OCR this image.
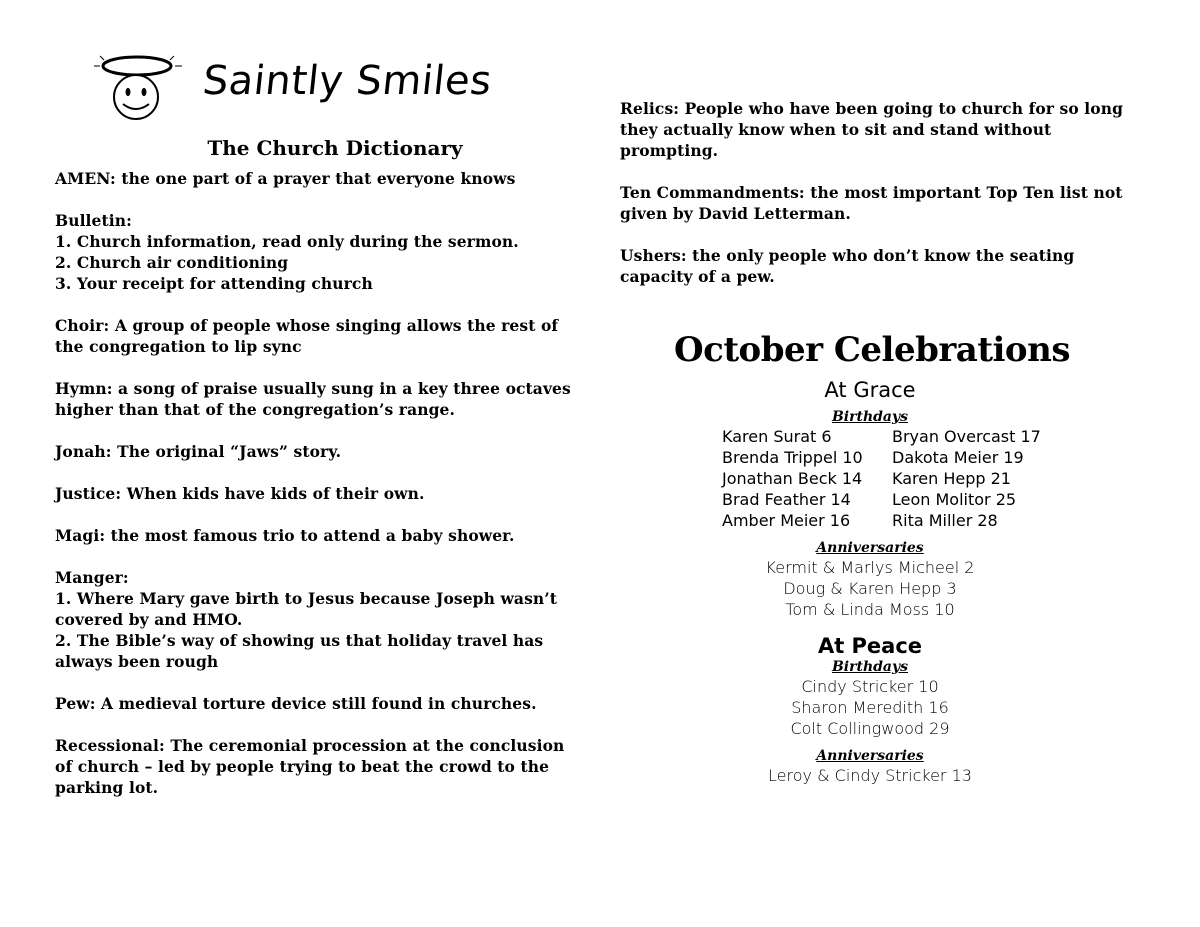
Saintly Smiles
The Church Dictionary
AMEN: the one part of a prayer that everyone knows
Bulletin:
1. Church information, read only during the sermon.
2. Church air conditioning
3. Your receipt for attending church
Choir: A group of people whose singing allows the rest of the congregation to lip sync
Hymn: a song of praise usually sung in a key three octaves higher than that of the congregation’s range.
Jonah: The original “Jaws” story.
Justice: When kids have kids of their own.
Magi: the most famous trio to attend a baby shower.
Manger:
1. Where Mary gave birth to Jesus because Joseph wasn’t covered by and HMO.
2. The Bible’s way of showing us that holiday travel has always been rough
Pew: A medieval torture device still found in churches.
Recessional: The ceremonial procession at the conclusion of church – led by people trying to beat the crowd to the parking lot.
Relics: People who have been going to church for so long they actually know when to sit and stand without prompting.
Ten Commandments: the most important Top Ten list not given by David Letterman.
Ushers: the only people who don’t know the seating capacity of a pew.
October Celebrations
At Grace
Birthdays
Karen Surat 6	Bryan Overcast 17
Brenda Trippel 10	Dakota Meier 19
Jonathan Beck 14	Karen Hepp 21
Brad Feather 14	Leon Molitor 25
Amber Meier 16	Rita Miller 28
Anniversaries
Kermit & Marlys Micheel 2
Doug & Karen Hepp 3
Tom & Linda Moss 10
At Peace
Birthdays
Cindy Stricker 10
Sharon Meredith 16
Colt Collingwood 29
Anniversaries
Leroy & Cindy Stricker 13
